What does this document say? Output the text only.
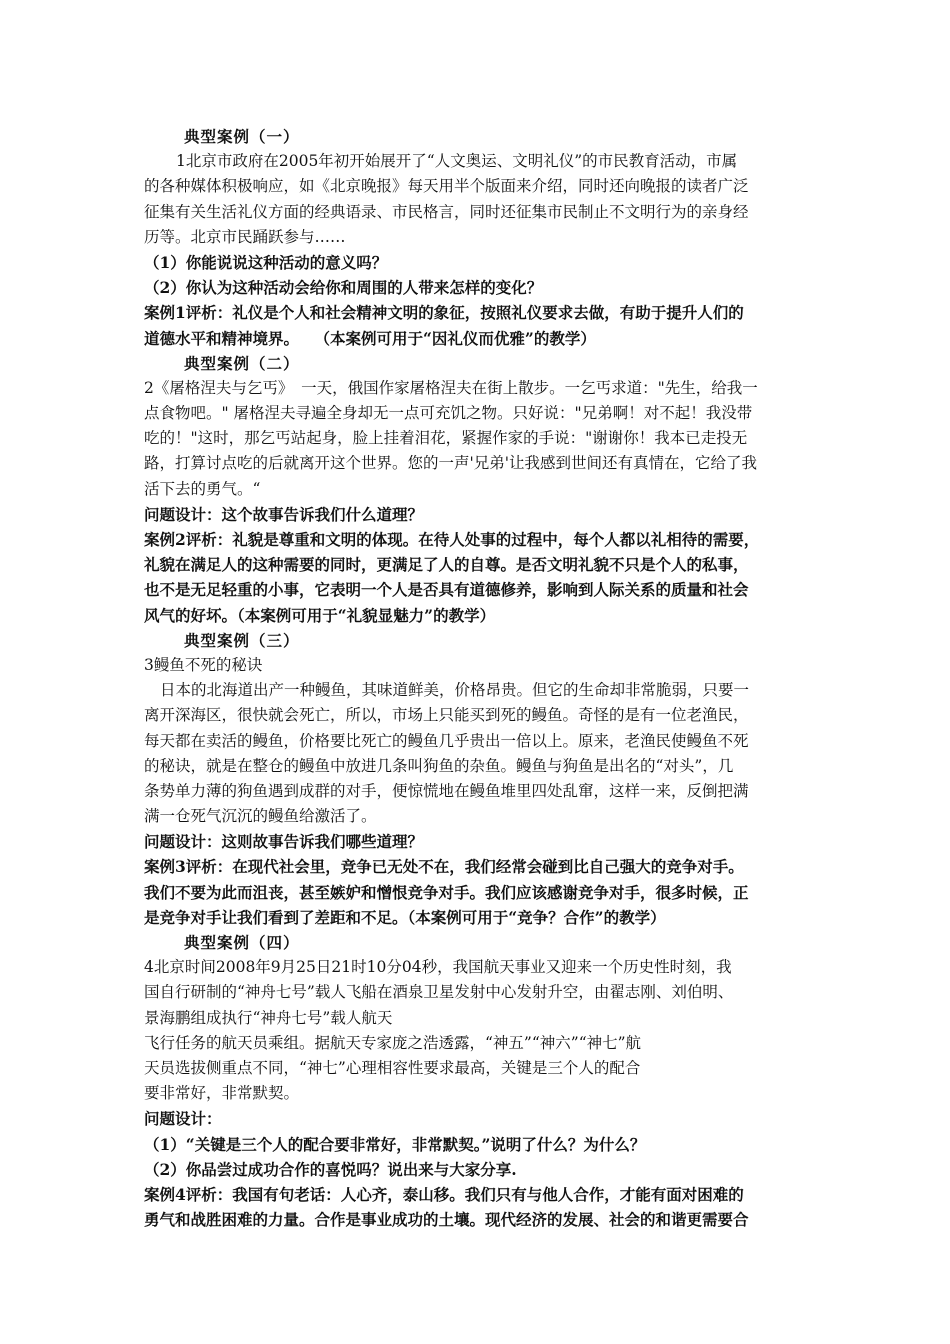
典型案例（一）
1北京市政府在2005年初开始展开了“人文奥运、文明礼仪”的市民教育活动，市属
的各种媒体积极响应，如《北京晚报》每天用半个版面来介绍，同时还向晚报的读者广泛
征集有关生活礼仪方面的经典语录、市民格言，同时还征集市民制止不文明行为的亲身经
历等。北京市民踊跃参与……
（1）你能说说这种活动的意义吗？
（2）你认为这种活动会给你和周围的人带来怎样的变化？
案例1评析：礼仪是个人和社会精神文明的象征，按照礼仪要求去做，有助于提升人们的
道德水平和精神境界。　　（本案例可用于“因礼仪而优雅”的教学）
典型案例（二）
2《屠格涅夫与乞丐》　一天，俄国作家屠格涅夫在街上散步。一乞丐求道："先生，给我一
点食物吧。" 屠格涅夫寻遍全身却无一点可充饥之物。只好说："兄弟啊！对不起！我没带
吃的！"这时，那乞丐站起身，脸上挂着泪花，紧握作家的手说："谢谢你！我本已走投无
路，打算讨点吃的后就离开这个世界。您的一声'兄弟'让我感到世间还有真情在，它给了我
活下去的勇气。“
问题设计：这个故事告诉我们什么道理？
案例2评析：礼貌是尊重和文明的体现。在待人处事的过程中，每个人都以礼相待的需要，
礼貌在满足人的这种需要的同时，更满足了人的自尊。是否文明礼貌不只是个人的私事，
也不是无足轻重的小事，它表明一个人是否具有道德修养，影响到人际关系的质量和社会
风气的好坏。（本案例可用于“礼貌显魅力”的教学）
典型案例（三）
3鳗鱼不死的秘诀
日本的北海道出产一种鳗鱼，其味道鲜美，价格昂贵。但它的生命却非常脆弱，只要一
离开深海区，很快就会死亡，所以，市场上只能买到死的鳗鱼。奇怪的是有一位老渔民，
每天都在卖活的鳗鱼，价格要比死亡的鳗鱼几乎贵出一倍以上。原来，老渔民使鳗鱼不死
的秘诀，就是在整仓的鳗鱼中放进几条叫狗鱼的杂鱼。鳗鱼与狗鱼是出名的“对头”，几
条势单力薄的狗鱼遇到成群的对手，便惊慌地在鳗鱼堆里四处乱窜，这样一来，反倒把满
满一仓死气沉沉的鳗鱼给激活了。
问题设计：这则故事告诉我们哪些道理？
案例3评析：在现代社会里，竞争已无处不在，我们经常会碰到比自己强大的竞争对手。
我们不要为此而沮丧，甚至嫉妒和憎恨竞争对手。我们应该感谢竞争对手，很多时候，正
是竞争对手让我们看到了差距和不足。（本案例可用于“竞争？合作”的教学）
典型案例（四）
4北京时间2008年9月25日21时10分04秒，我国航天事业又迎来一个历史性时刻，我
国自行研制的“神舟七号”载人飞船在酒泉卫星发射中心发射升空，由翟志刚、刘伯明、
景海鹏组成执行“神舟七号”载人航天
飞行任务的航天员乘组。据航天专家庞之浩透露，“神五”“神六”“神七”航
天员选拔侧重点不同，“神七”心理相容性要求最高，关键是三个人的配合
要非常好，非常默契。
问题设计：
（1）“关键是三个人的配合要非常好，非常默契。”说明了什么？为什么？
（2）你品尝过成功合作的喜悦吗？说出来与大家分享.
案例4评析：我国有句老话：人心齐，泰山移。我们只有与他人合作，才能有面对困难的
勇气和战胜困难的力量。合作是事业成功的土壤。现代经济的发展、社会的和谐更需要合
